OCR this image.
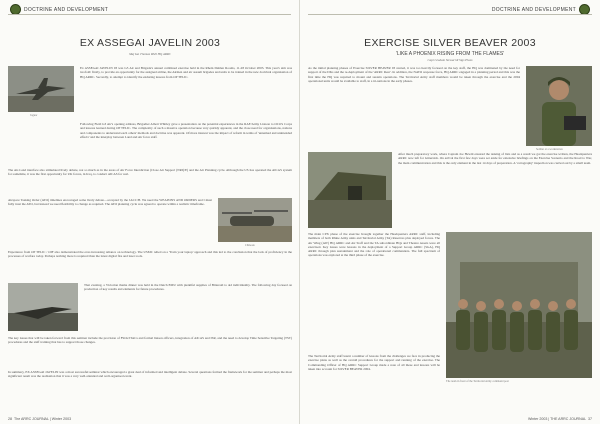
DOCTRINE AND DEVELOPMENT
EX ASSEGAI JAVELIN 2003
Maj Ian Thomas RSD HQ ARRC
Jaguar
Ex ASSEGAI JAVELIN 03 was G5 Air and Brigade's annual combined exercise held in the Rhein Dahlen Rooms, 11-28 October 2003. This year's aim was twofold: firstly, to provide an opportunity for the assigned airline, the Airmen and air assault brigades and units to be trained in the new doctrinal organisation of HQ ARRC. Secondly, to attempt to identify the enduring lessons from OP TELIC.
Following Field G3 Air's opening address, Brigadier Albert Whitley gave a presentation on the potential experiences in the RAF/Army Liaison to OCO's Corps and lessons learned during OP TELIC. The complexity of such a massive operation because very quickly apparent, and the close need for organisations, nations and components to understand each others' methods and doctrine was apparent. Of more interest was the impact of reform in terms of 'unnamed and unintended effects' and the interplay between Land and Air force staff.
The Air-Land interface also stimulated lively debate, not so much as in the areas of Air Force Interdiction (Close Air Support (NRI)/E) and the Air Planning cycle. Although the US has operated the AICAS system for sometime, it was the first opportunity for UK forces, in Iraq, to conduct AICAS for real.
Airspace Tasking Order (ATO) timelines encouraged some lively debate—accepted by the JACC/H. We need the WEAPONS AND ORDERS and I must fully trust the ATO, but instead we need flexibility to change as required. The ATO planning cycle was agreed to operate within a realistic timeframe.
Chinook
Experience from OP TELIC / OIF also demonstrated the ever-increasing reliance on technology. The USMC relied on a 'Train your laptop' approach and this led to the conclusion that the lack of proficiency in the processes of warfare today. Perhaps nothing more is required than the latest digital fire and laser tools.
That evening, a Victorian theme dinner was held in the Dutch EMU with plentiful supplies of Bitteraid to aid individuality. The following day focused on production of key results and elements for future procedures.
The key issues that will be taken forward from this seminar include the provision of FSOs/JTACs and formal liaison officers, integration of AICAS and ISR, and the need to develop Time Sensitive Targeting (TST) procedures and the staff training that has to support those changes.
In summary, EX ASSEGAI JAVELIN was a most successful seminar which encouraged a great deal of informed and intelligent debate. Several questions formed the framework for the seminar and perhaps the most significant result was the realisation that it was a very well-attended and well-organised event.
28 The ARRC JOURNAL | Winter 2003
DOCTRINE AND DEVELOPMENT
EXERCISE SILVER BEAVER 2003
'LIKE A PHOENIX RISING FROM THE FLAMES'
Capt Graham Stewart R Sigs Plans
As the initial planning phases of Exercise SILVER BEAVER 03 started, it was too heavily focused on the key staff, the HQ was dominated by the need for support of the DKs and the re-deployment of the 'ARRC Rear'. In addition, the NATO response force, HQ ARRC engaged in a planning period and this was the first time the HQ was required to mount and sustain operations. The Territorial Army staff members would be taken through the exercise and the 2004 operational units would be available to staff, in a tri-nations in the early phases.
Soldier at a workstation
After much preparatory work, where Captain Joe Hewitt ensured the tasking of lists and as a result we got the exercise written, the Headquarters ARRC now left for Gütersloh. On arrival the first few days were set aside for extensive briefings on the Exercise Scenario and the Road to War, the main communication and this is the only element in the last 14 days of preparation. A 'cartography' inspection was carried out by a small team.
The main CPX phase of the exercise brought together the Headquarters ARRC staff, including members of both Rhine Army units and Territorial Army (TA) Reserves plus deployed forces. The Air Wing (AW) HQ ARRC and Air Staff and the TA subordinate HQs and Theatre Assets were all exercised. Key issues were lessons in the deployment of a Support Group ARRC (SGA), HQ ARRC through plan sustainment and the role of operational commanders. The full spectrum of operations was explored at the third phase of the exercise.
The team in front of the Territorial Army command post
The Territorial Army staff learnt a number of lessons from the challenges we face in producing the exercise plans as well as the overall procedures for the support and running of the exercise. The Commanding Officer of HQ ARRC Support Group made a note of all these and lessons will be taken into account for SILVER BEAVER 2004.
Winter 2003 | THE ARRC JOURNAL 37
